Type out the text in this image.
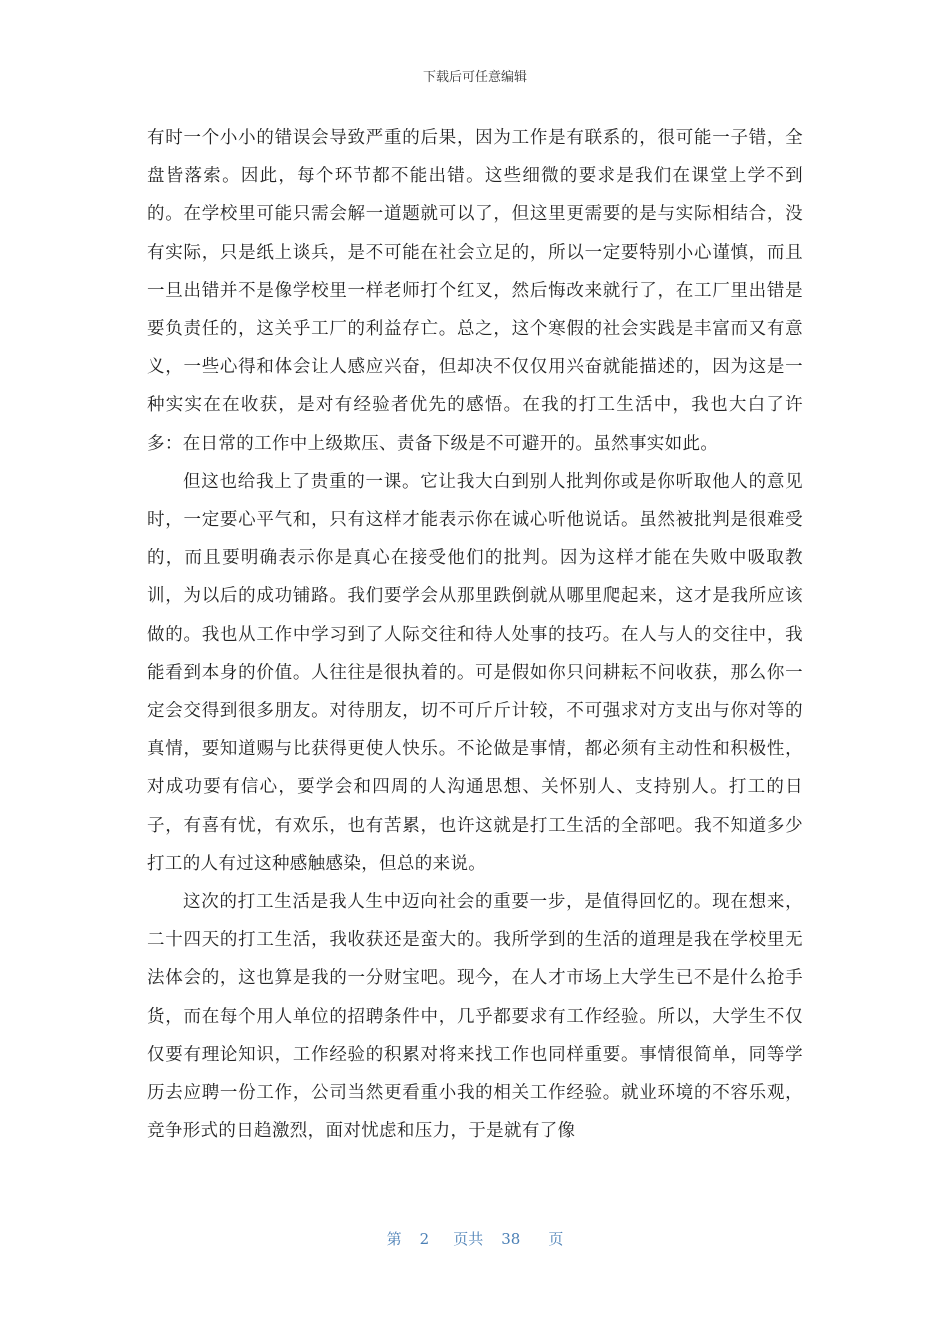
下载后可任意编辑

有时一个小小的错误会导致严重的后果，因为工作是有联系的，很可能一子错，全盘皆落索。因此，每个环节都不能出错。这些细微的要求是我们在课堂上学不到的。在学校里可能只需会解一道题就可以了，但这里更需要的是与实际相结合，没有实际，只是纸上谈兵，是不可能在社会立足的，所以一定要特别小心谨慎，而且一旦出错并不是像学校里一样老师打个红叉，然后悔改来就行了，在工厂里出错是要负责任的，这关乎工厂的利益存亡。总之，这个寒假的社会实践是丰富而又有意义，一些心得和体会让人感应兴奋，但却决不仅仅用兴奋就能描述的，因为这是一种实实在在收获，是对有经验者优先的感悟。在我的打工生活中，我也大白了许多：在日常的工作中上级欺压、责备下级是不可避开的。虽然事实如此。

但这也给我上了贵重的一课。它让我大白到别人批判你或是你听取他人的意见时，一定要心平气和，只有这样才能表示你在诚心听他说话。虽然被批判是很难受的，而且要明确表示你是真心在接受他们的批判。因为这样才能在失败中吸取教训，为以后的成功铺路。我们要学会从那里跌倒就从哪里爬起来，这才是我所应该做的。我也从工作中学习到了人际交往和待人处事的技巧。在人与人的交往中，我能看到本身的价值。人往往是很执着的。可是假如你只问耕耘不问收获，那么你一定会交得到很多朋友。对待朋友，切不可斤斤计较，不可强求对方支出与你对等的真情，要知道赐与比获得更使人快乐。不论做是事情，都必须有主动性和积极性，对成功要有信心，要学会和四周的人沟通思想、关怀别人、支持别人。打工的日子，有喜有忧，有欢乐，也有苦累，也许这就是打工生活的全部吧。我不知道多少打工的人有过这种感触感染，但总的来说。

这次的打工生活是我人生中迈向社会的重要一步，是值得回忆的。现在想来，二十四天的打工生活，我收获还是蛮大的。我所学到的生活的道理是我在学校里无法体会的，这也算是我的一分财宝吧。现今，在人才市场上大学生已不是什么抢手货，而在每个用人单位的招聘条件中，几乎都要求有工作经验。所以，大学生不仅仅要有理论知识，工作经验的积累对将来找工作也同样重要。事情很简单，同等学历去应聘一份工作，公司当然更看重小我的相关工作经验。就业环境的不容乐观，竞争形式的日趋激烈，面对忧虑和压力，于是就有了像

第 2 页共 38 页
